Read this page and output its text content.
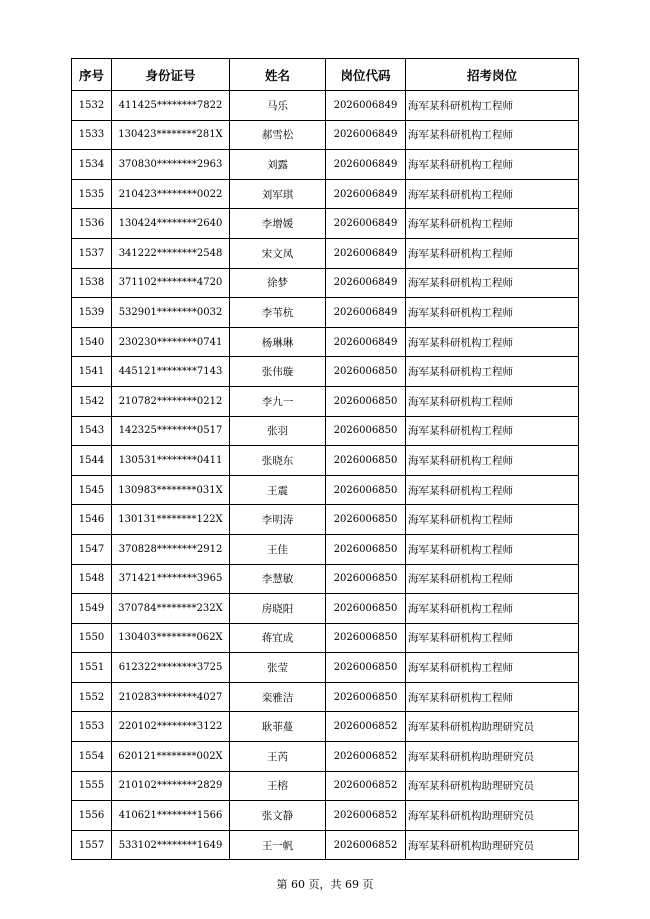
序号	身份证号	姓名	岗位代码	招考岗位
1532	411425********7822	马乐	2026006849	海军某科研机构工程师
1533	130423********281X	郝雪松	2026006849	海军某科研机构工程师
1534	370830********2963	刘露	2026006849	海军某科研机构工程师
1535	210423********0022	刘军琪	2026006849	海军某科研机构工程师
1536	130424********2640	李增媛	2026006849	海军某科研机构工程师
1537	341222********2548	宋文凤	2026006849	海军某科研机构工程师
1538	371102********4720	徐梦	2026006849	海军某科研机构工程师
1539	532901********0032	李苇杭	2026006849	海军某科研机构工程师
1540	230230********0741	杨琳琳	2026006849	海军某科研机构工程师
1541	445121********7143	张伟璇	2026006850	海军某科研机构工程师
1542	210782********0212	李九一	2026006850	海军某科研机构工程师
1543	142325********0517	张羽	2026006850	海军某科研机构工程师
1544	130531********0411	张晓东	2026006850	海军某科研机构工程师
1545	130983********031X	王震	2026006850	海军某科研机构工程师
1546	130131********122X	李明涛	2026006850	海军某科研机构工程师
1547	370828********2912	王佳	2026006850	海军某科研机构工程师
1548	371421********3965	李慧敏	2026006850	海军某科研机构工程师
1549	370784********232X	房晓阳	2026006850	海军某科研机构工程师
1550	130403********062X	蒋宜成	2026006850	海军某科研机构工程师
1551	612322********3725	张莹	2026006850	海军某科研机构工程师
1552	210283********4027	栾雅洁	2026006850	海军某科研机构工程师
1553	220102********3122	耿菲蔓	2026006852	海军某科研机构助理研究员
1554	620121********002X	王芮	2026006852	海军某科研机构助理研究员
1555	210102********2829	王榕	2026006852	海军某科研机构助理研究员
1556	410621********1566	张文静	2026006852	海军某科研机构助理研究员
1557	533102********1649	王一帆	2026006852	海军某科研机构助理研究员
第 60 页，共 69 页
